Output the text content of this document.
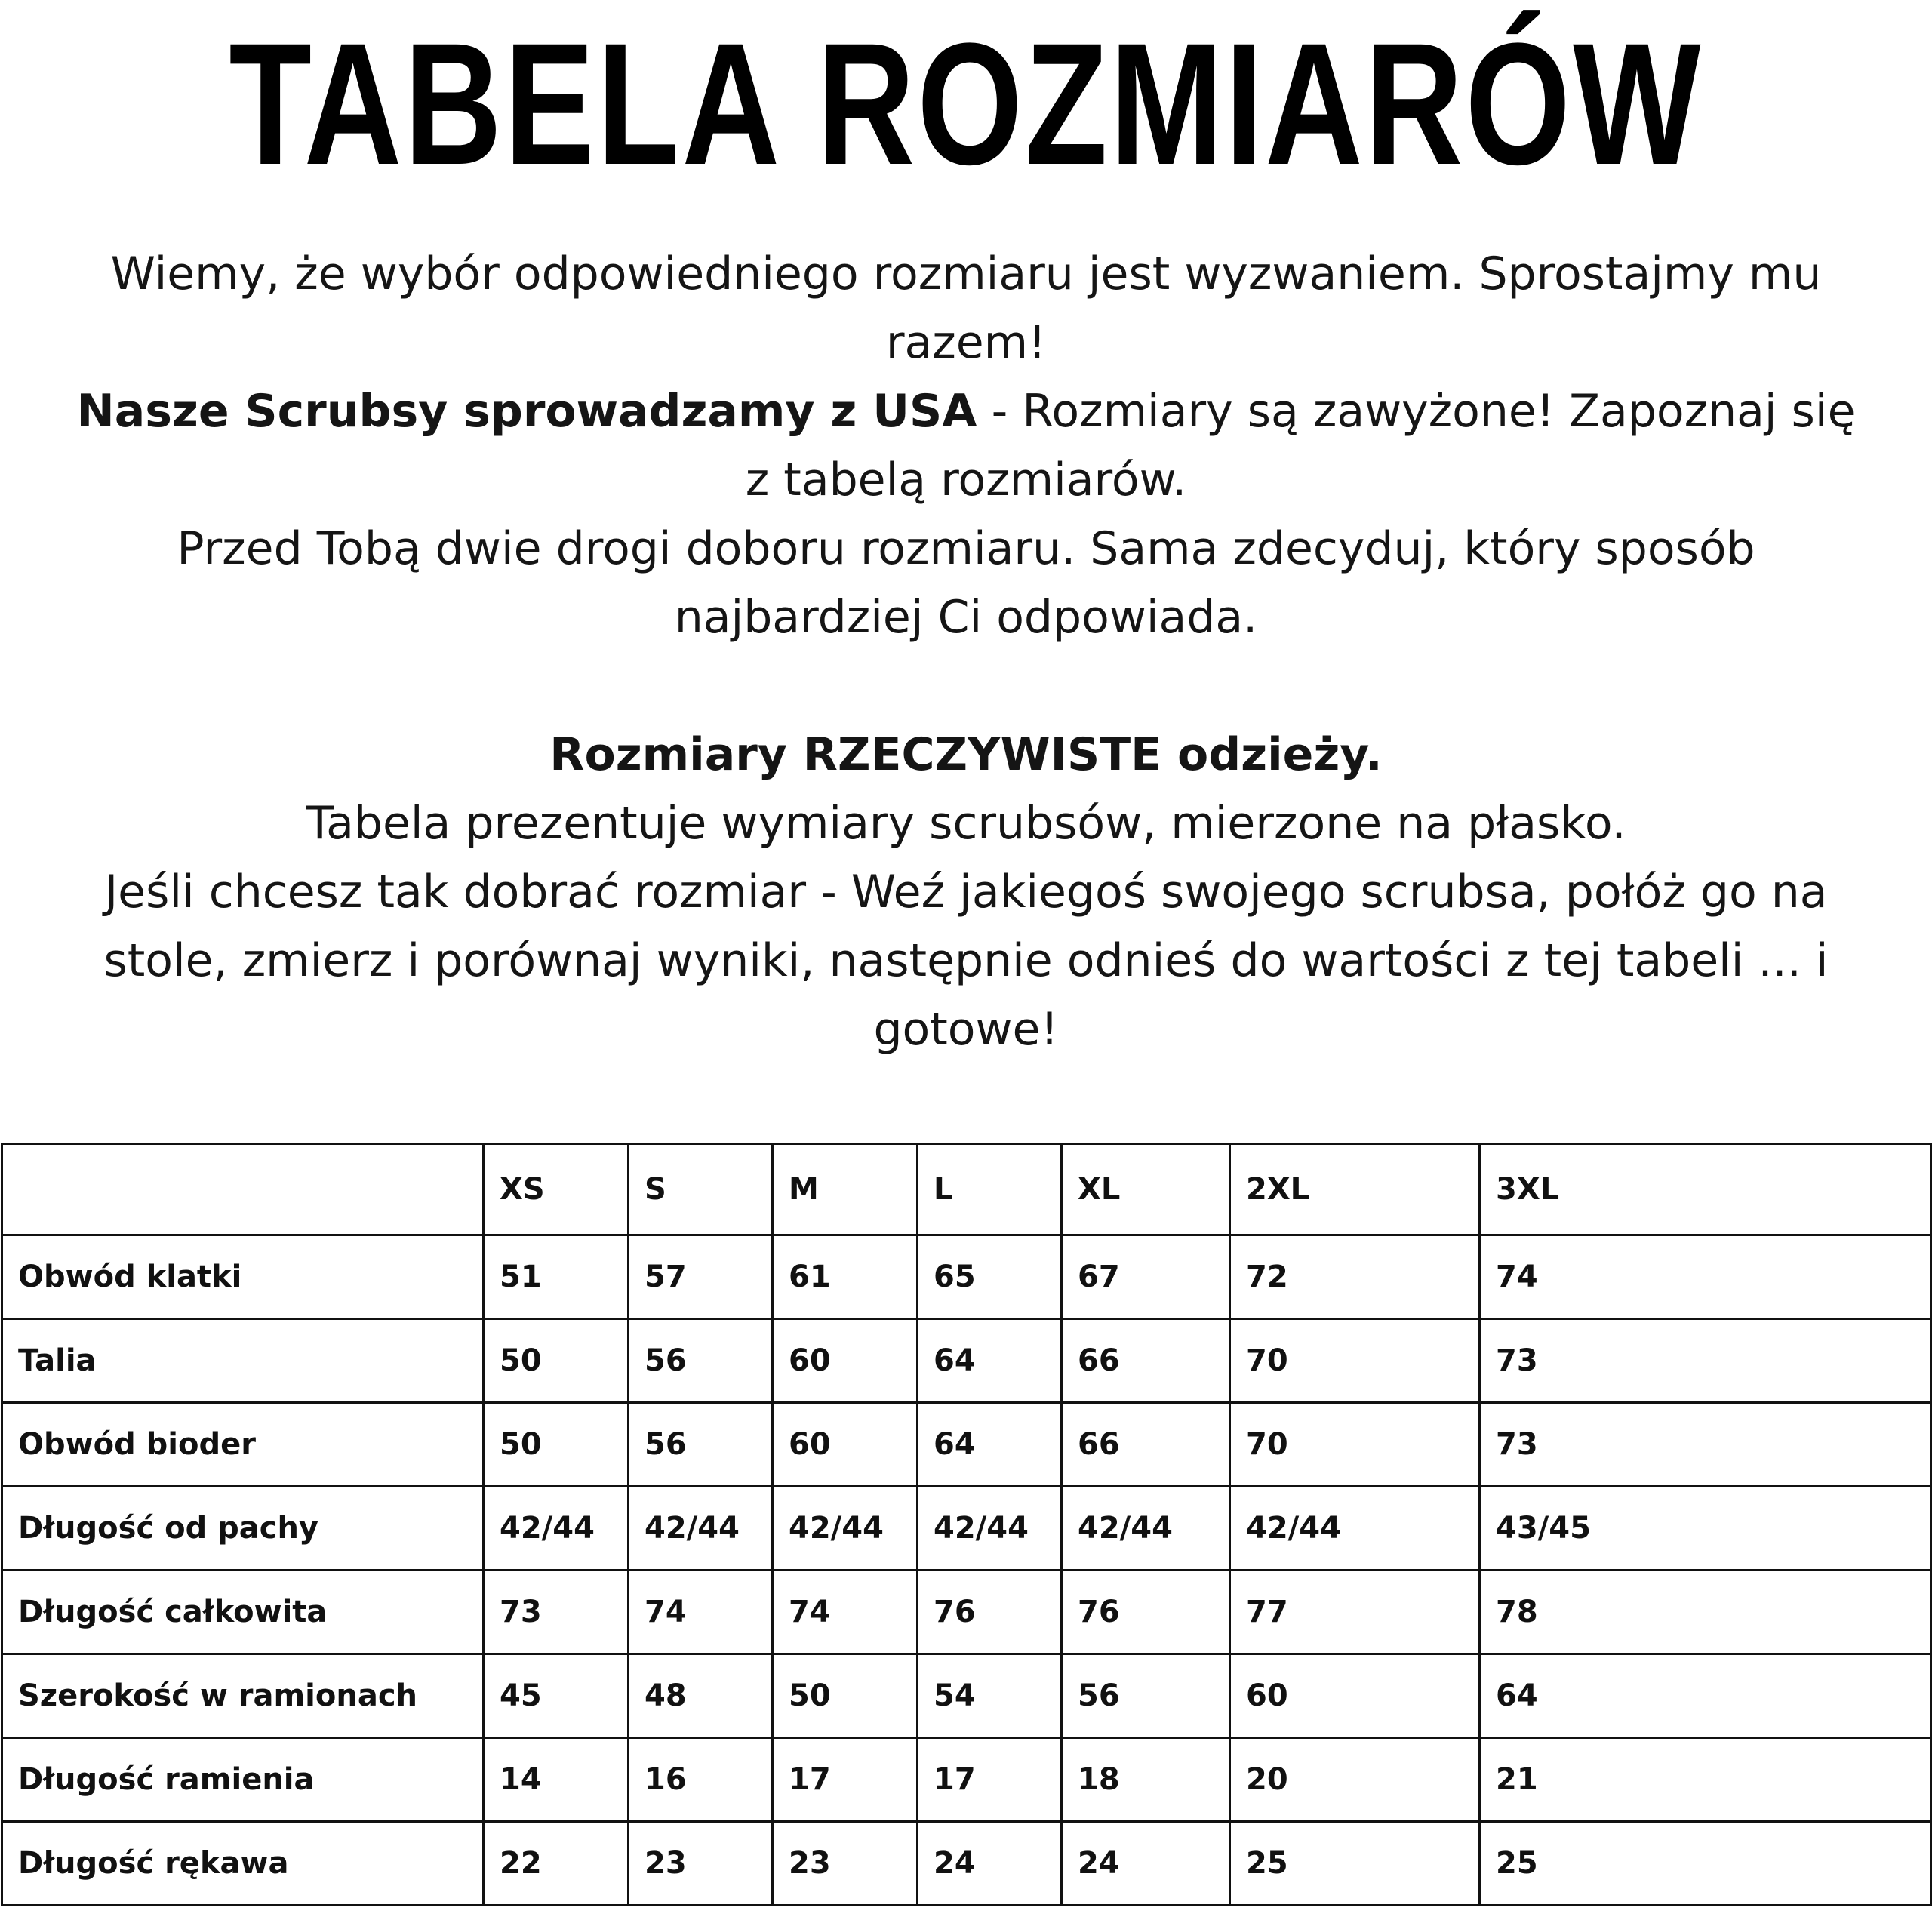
TABELA ROZMIARÓW

Wiemy, że wybór odpowiedniego rozmiaru jest wyzwaniem. Sprostajmy mu razem!

Nasze Scrubsy sprowadzamy z USA - Rozmiary są zawyżone! Zapoznaj się z tabelą rozmiarów.

Przed Tobą dwie drogi doboru rozmiaru. Sama zdecyduj, który sposób najbardziej Ci odpowiada.

Rozmiary RZECZYWISTE odzieży.

Tabela prezentuje wymiary scrubsów, mierzone na płasko.

Jeśli chcesz tak dobrać rozmiar - Weź jakiegoś swojego scrubsa, połóż go na stole, zmierz i porównaj wyniki, następnie odnieś do wartości z tej tabeli ... i gotowe!

	XS	S	M	L	XL	2XL	3XL
Obwód klatki	51	57	61	65	67	72	74
Talia	50	56	60	64	66	70	73
Obwód bioder	50	56	60	64	66	70	73
Długość od pachy	42/44	42/44	42/44	42/44	42/44	42/44	43/45
Długość całkowita	73	74	74	76	76	77	78
Szerokość w ramionach	45	48	50	54	56	60	64
Długość ramienia	14	16	17	17	18	20	21
Długość rękawa	22	23	23	24	24	25	25
